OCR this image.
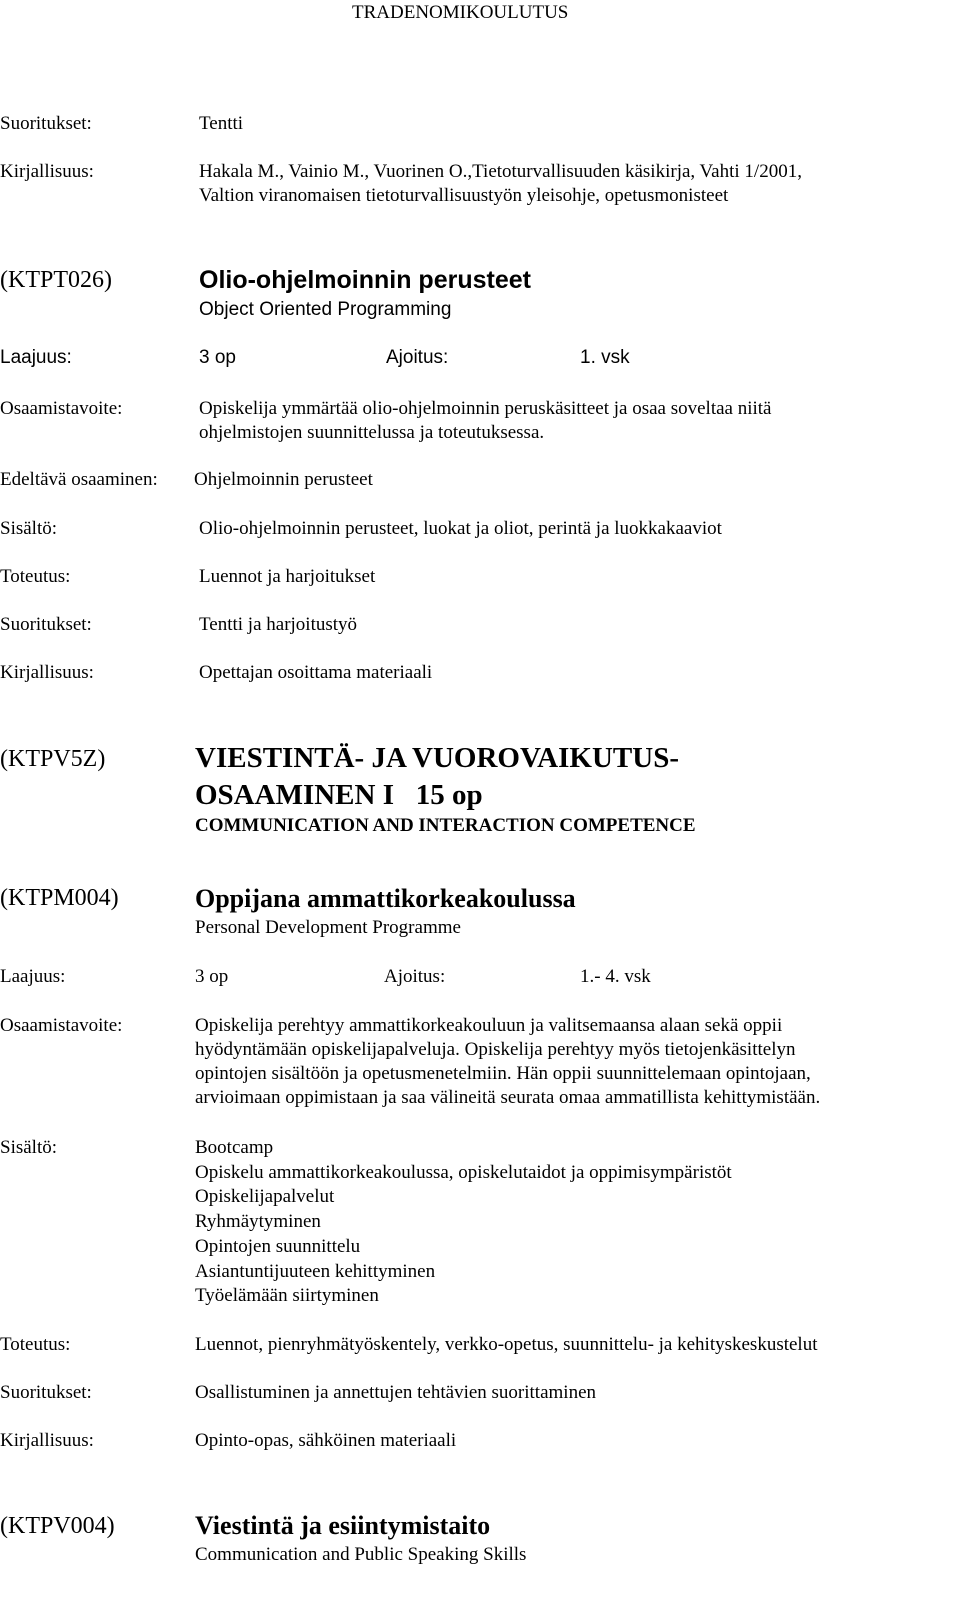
TRADENOMIKOULUTUS
Suoritukset:	Tentti
Kirjallisuus:	Hakala M., Vainio M., Vuorinen O.,Tietoturvallisuuden käsikirja, Vahti 1/2001,
Valtion viranomaisen tietoturvallisuustyön yleisohje, opetusmonisteet
(KTPT026)	Olio-ohjelmoinnin perusteet
Object Oriented Programming
Laajuus:	3 op	Ajoitus:	1. vsk
Osaamistavoite:	Opiskelija ymmärtää olio-ohjelmoinnin peruskäsitteet ja osaa soveltaa niitä
ohjelmistojen suunnittelussa ja toteutuksessa.
Edeltävä osaaminen: Ohjelmoinnin perusteet
Sisältö:	Olio-ohjelmoinnin perusteet, luokat ja oliot, perintä ja luokkakaaviot
Toteutus:	Luennot ja harjoitukset
Suoritukset:	Tentti ja harjoitustyö
Kirjallisuus:	Opettajan osoittama materiaali
(KTPV5Z)	VIESTINTÄ- JA VUOROVAIKUTUS-
OSAAMINEN I   15 op
COMMUNICATION AND INTERACTION COMPETENCE
(KTPM004)	Oppijana ammattikorkeakoulussa
Personal Development Programme
Laajuus:	3 op	Ajoitus:	1.- 4. vsk
Osaamistavoite:	Opiskelija perehtyy ammattikorkeakouluun ja valitsemaansa alaan sekä oppii
hyödyntämään opiskelijapalveluja. Opiskelija perehtyy myös tietojenkäsittelyn
opintojen sisältöön ja opetusmenetelmiin. Hän oppii suunnittelemaan opintojaan,
arvioimaan oppimistaan ja saa välineitä seurata omaa ammatillista kehittymistään.
Sisältö:	Bootcamp
Opiskelu ammattikorkeakoulussa, opiskelutaidot ja oppimisympäristöt
Opiskelijapalvelut
Ryhmäytyminen
Opintojen suunnittelu
Asiantuntijuuteen kehittyminen
Työelämään siirtyminen
Toteutus:	Luennot, pienryhmätyöskentely, verkko-opetus, suunnittelu- ja kehityskeskustelut
Suoritukset:	Osallistuminen ja annettujen tehtävien suorittaminen
Kirjallisuus:	Opinto-opas, sähköinen materiaali
(KTPV004)	Viestintä ja esiintymistaito
Communication and Public Speaking Skills
